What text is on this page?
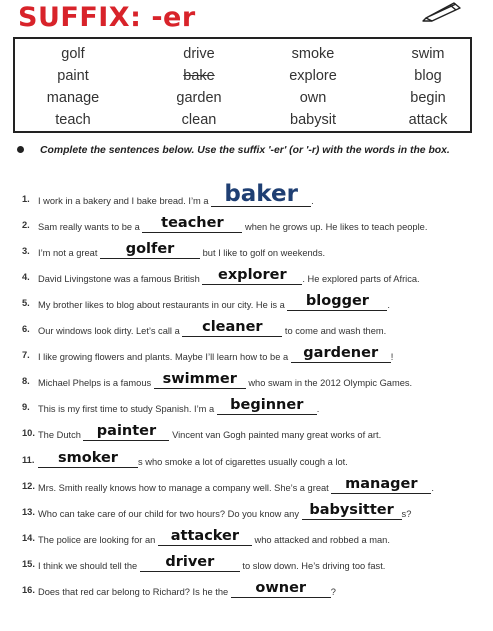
SUFFIX: -er
golf	drive	smoke	swim
paint	bake	explore	blog
manage	garden	own	begin
teach	clean	babysit	attack
Complete the sentences below. Use the suffix '-er' (or '-r) with the words in the box.
1. I work in a bakery and I bake bread. I’m a baker	.
2. Sam really wants to be a	teacher	when he grows up. He likes to teach people.
3. I’m not a great	golfer	but I like to golf on weekends.
4. David Livingstone was a famous British	explorer	. He explored parts of Africa.
5. My brother likes to blog about restaurants in our city. He is a	blogger	.
6. Our windows look dirty. Let’s call a	cleaner	to come and wash them.
7. I like growing flowers and plants. Maybe I’ll learn how to be a gardener	!
8. Michael Phelps is a famous swimmer who swam in the 2012 Olympic Games.
9. This is my first time to study Spanish. I’m a beginner	.
10. The Dutch painter	Vincent van Gogh painted many great works of art.
11.	smoker	s who smoke a lot of cigarettes usually cough a lot.
12. Mrs. Smith really knows how to manage a company well. She’s a great manager	.
13. Who can take care of our child for two hours? Do you know any babysitter s?
14. The police are looking for an attacker	who attacked and robbed a man.
15. I think we should tell the	driver	to slow down. He’s driving too fast.
16. Does that red car belong to Richard? Is he the	owner	?
